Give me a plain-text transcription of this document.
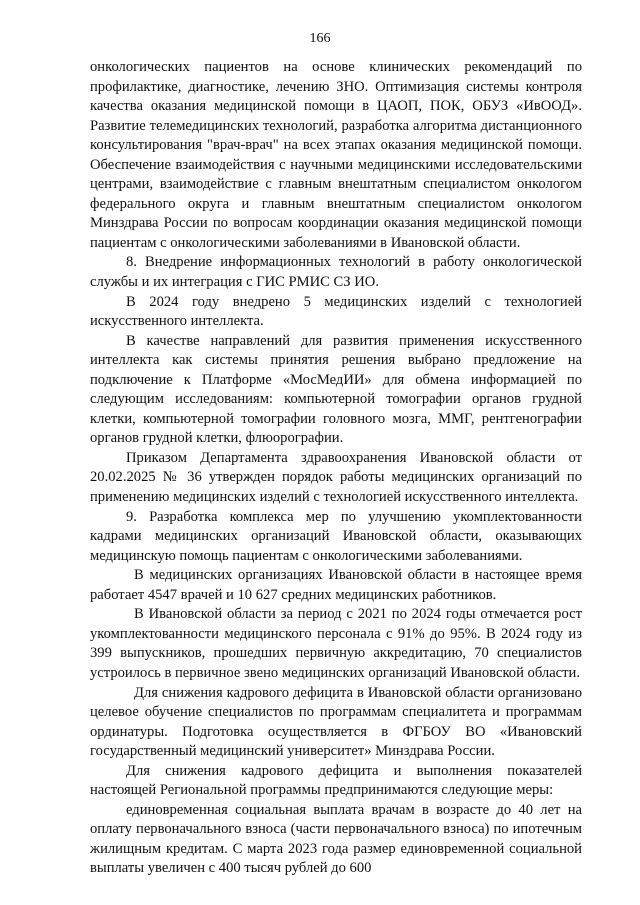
166

онкологических пациентов на основе клинических рекомендаций по профилактике, диагностике, лечению ЗНО. Оптимизация системы контроля качества оказания медицинской помощи в ЦАОП, ПОК, ОБУЗ «ИвООД». Развитие телемедицинских технологий, разработка алгоритма дистанционного консультирования "врач-врач" на всех этапах оказания медицинской помощи. Обеспечение взаимодействия с научными медицинскими исследовательскими центрами, взаимодействие с главным внештатным специалистом онкологом федерального округа и главным внештатным специалистом онкологом Минздрава России по вопросам координации оказания медицинской помощи пациентам с онкологическими заболеваниями в Ивановской области.

8. Внедрение информационных технологий в работу онкологической службы и их интеграция с ГИС РМИС СЗ ИО.

В 2024 году внедрено 5 медицинских изделий с технологией искусственного интеллекта.

В качестве направлений для развития применения искусственного интеллекта как системы принятия решения выбрано предложение на подключение к Платформе «МосМедИИ» для обмена информацией по следующим исследованиям: компьютерной томографии органов грудной клетки, компьютерной томографии головного мозга, ММГ, рентгенографии органов грудной клетки, флюорографии.

Приказом Департамента здравоохранения Ивановской области от 20.02.2025 № 36 утвержден порядок работы медицинских организаций по применению медицинских изделий с технологией искусственного интеллекта.

9. Разработка комплекса мер по улучшению укомплектованности кадрами медицинских организаций Ивановской области, оказывающих медицинскую помощь пациентам с онкологическими заболеваниями.

В медицинских организациях Ивановской области в настоящее время работает 4547 врачей и 10 627 средних медицинских работников.

В Ивановской области за период с 2021 по 2024 годы отмечается рост укомплектованности медицинского персонала с 91% до 95%. В 2024 году из 399 выпускников, прошедших первичную аккредитацию, 70 специалистов устроилось в первичное звено медицинских организаций Ивановской области.

Для снижения кадрового дефицита в Ивановской области организовано целевое обучение специалистов по программам специалитета и программам ординатуры. Подготовка осуществляется в ФГБОУ ВО «Ивановский государственный медицинский университет» Минздрава России.

Для снижения кадрового дефицита и выполнения показателей настоящей Региональной программы предпринимаются следующие меры:

единовременная социальная выплата врачам в возрасте до 40 лет на оплату первоначального взноса (части первоначального взноса) по ипотечным жилищным кредитам. С марта 2023 года размер единовременной социальной выплаты увеличен с 400 тысяч рублей до 600
